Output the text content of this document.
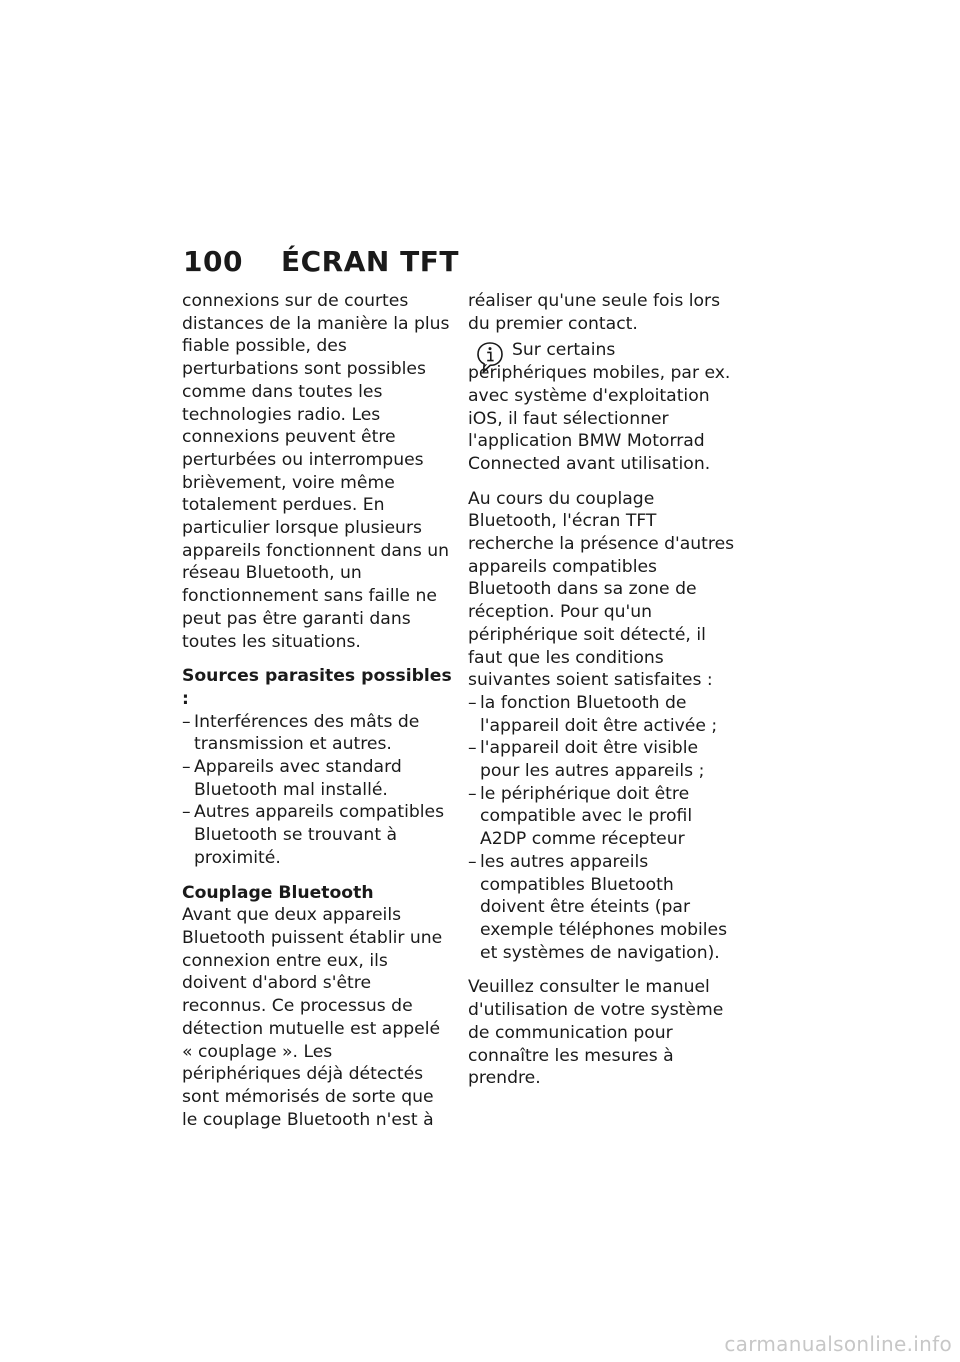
100 ÉCRAN TFT

connexions sur de courtes distances de la manière la plus fiable possible, des perturbations sont possibles comme dans toutes les technologies radio. Les connexions peuvent être perturbées ou interrompues brièvement, voire même totalement perdues. En particulier lorsque plusieurs appareils fonctionnent dans un réseau Bluetooth, un fonctionnement sans faille ne peut pas être garanti dans toutes les situations.

Sources parasites possibles :

– Interférences des mâts de transmission et autres.
– Appareils avec standard Bluetooth mal installé.
– Autres appareils compatibles Bluetooth se trouvant à proximité.

Couplage Bluetooth

Avant que deux appareils Bluetooth puissent établir une connexion entre eux, ils doivent d'abord s'être reconnus. Ce processus de détection mutuelle est appelé « couplage ». Les périphériques déjà détectés sont mémorisés de sorte que le couplage Bluetooth n'est à

réaliser qu'une seule fois lors du premier contact.

Sur certains périphériques mobiles, par ex. avec système d'exploitation iOS, il faut sélectionner l'application BMW Motorrad Connected avant utilisation.

Au cours du couplage Bluetooth, l'écran TFT recherche la présence d'autres appareils compatibles Bluetooth dans sa zone de réception. Pour qu'un périphérique soit détecté, il faut que les conditions suivantes soient satisfaites :

– la fonction Bluetooth de l'appareil doit être activée ;
– l'appareil doit être visible pour les autres appareils ;
– le périphérique doit être compatible avec le profil A2DP comme récepteur
– les autres appareils compatibles Bluetooth doivent être éteints (par exemple téléphones mobiles et systèmes de navigation).

Veuillez consulter le manuel d'utilisation de votre système de communication pour connaître les mesures à prendre.

carmanualsonline.info
